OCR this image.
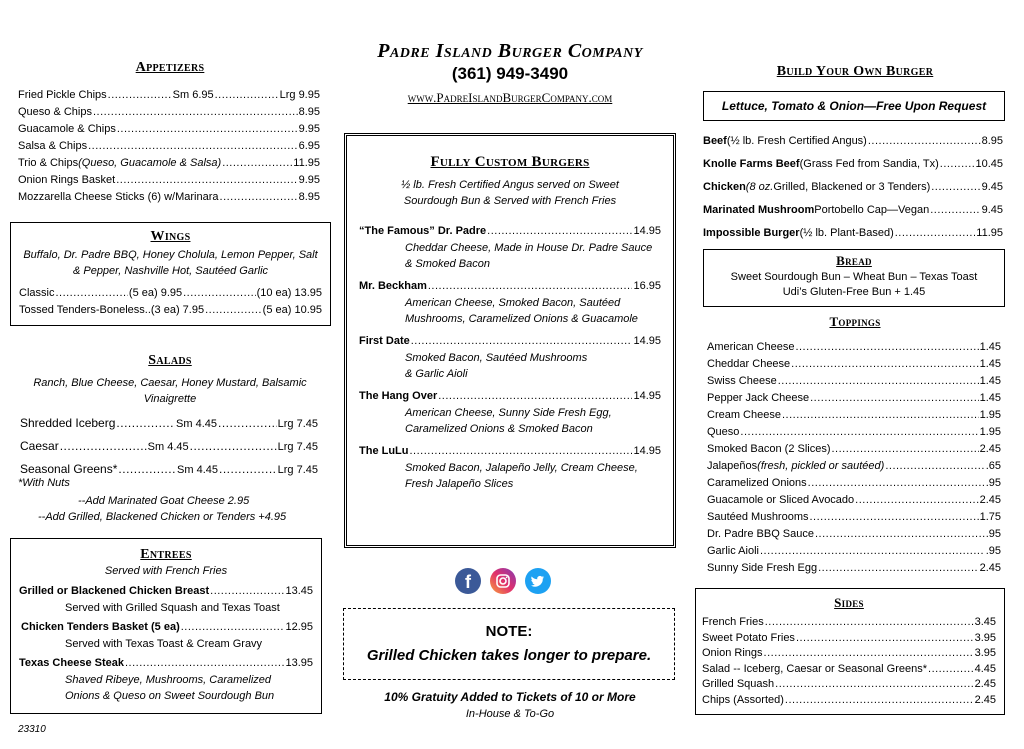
Appetizers
Fried Pickle Chips .....	Sm 6.95 .....	Lrg 9.95
Queso & Chips .....	8.95
Guacamole & Chips .....	9.95
Salsa & Chips .....	6.95
Trio & Chips (Queso, Guacamole & Salsa) .....	11.95
Onion Rings Basket .....	9.95
Mozzarella Cheese Sticks (6) w/Marinara .....	8.95
Wings
Buffalo, Dr. Padre BBQ, Honey Cholula, Lemon Pepper, Salt & Pepper, Nashville Hot, Sautéed Garlic
Classic .....	(5 ea) 9.95 .....	(10 ea) 13.95
Tossed Tenders-Boneless.. (3 ea) 7.95 .....	(5 ea) 10.95
Salads
Ranch, Blue Cheese, Caesar, Honey Mustard, Balsamic Vinaigrette
Shredded Iceberg .....	Sm 4.45 .....	Lrg 7.45
Caesar .....	Sm 4.45 .....	Lrg 7.45
Seasonal Greens* .....	Sm 4.45 .....	Lrg 7.45
*With Nuts
--Add Marinated Goat Cheese 2.95
--Add Grilled, Blackened Chicken or Tenders +4.95
Entrees
Served with French Fries
Grilled or Blackened Chicken Breast .....	13.45
Served with Grilled Squash and Texas Toast
Chicken Tenders Basket (5 ea) .....	12.95
Served with Texas Toast & Cream Gravy
Texas Cheese Steak .....	13.95
Shaved Ribeye, Mushrooms, Caramelized
Onions & Queso on Sweet Sourdough Bun
23310
Padre Island Burger Company
(361) 949-3490
www.PadreIslandBurgerCompany.com
Fully Custom Burgers
½ lb. Fresh Certified Angus served on Sweet
Sourdough Bun & Served with French Fries
“The Famous” Dr. Padre .....	14.95
Cheddar Cheese, Made in House Dr. Padre Sauce
& Smoked Bacon
Mr. Beckham .....	16.95
American Cheese, Smoked Bacon, Sautéed
Mushrooms, Caramelized Onions & Guacamole
First Date .....	14.95
Smoked Bacon, Sautéed Mushrooms
& Garlic Aioli
The Hang Over .....	14.95
American Cheese, Sunny Side Fresh Egg,
Caramelized Onions & Smoked Bacon
The LuLu .....	14.95
Smoked Bacon, Jalapeño Jelly, Cream Cheese,
Fresh Jalapeño Slices
f
NOTE:
Grilled Chicken takes longer to prepare.
10% Gratuity Added to Tickets of 10 or More
In-House & To-Go
Build Your Own Burger
Lettuce, Tomato & Onion—Free Upon Request
Beef (½ lb. Fresh Certified Angus) .....	8.95
Knolle Farms Beef (Grass Fed from Sandia, Tx) .....	10.45
Chicken (8 oz. Grilled, Blackened or 3 Tenders) .....	9.45
Marinated Mushroom Portobello Cap—Vegan .....	9.45
Impossible Burger (½ lb. Plant-Based) .....	11.95
Bread
Sweet Sourdough Bun – Wheat Bun – Texas Toast
Udi’s Gluten-Free Bun + 1.45
Toppings
American Cheese .....	1.45
Cheddar Cheese .....	1.45
Swiss Cheese .....	1.45
Pepper Jack Cheese .....	1.45
Cream Cheese .....	1.95
Queso .....	1.95
Smoked Bacon (2 Slices) .....	2.45
Jalapeños (fresh, pickled or sautéed) .....	.65
Caramelized Onions .....	.95
Guacamole or Sliced Avocado .....	2.45
Sautéed Mushrooms .....	1.75
Dr. Padre BBQ Sauce .....	.95
Garlic Aioli .....	.95
Sunny Side Fresh Egg .....	2.45
Sides
French Fries .....	3.45
Sweet Potato Fries .....	3.95
Onion Rings .....	3.95
Salad -- Iceberg, Caesar or Seasonal Greens* .....	4.45
Grilled Squash .....	2.45
Chips (Assorted) .....	2.45
